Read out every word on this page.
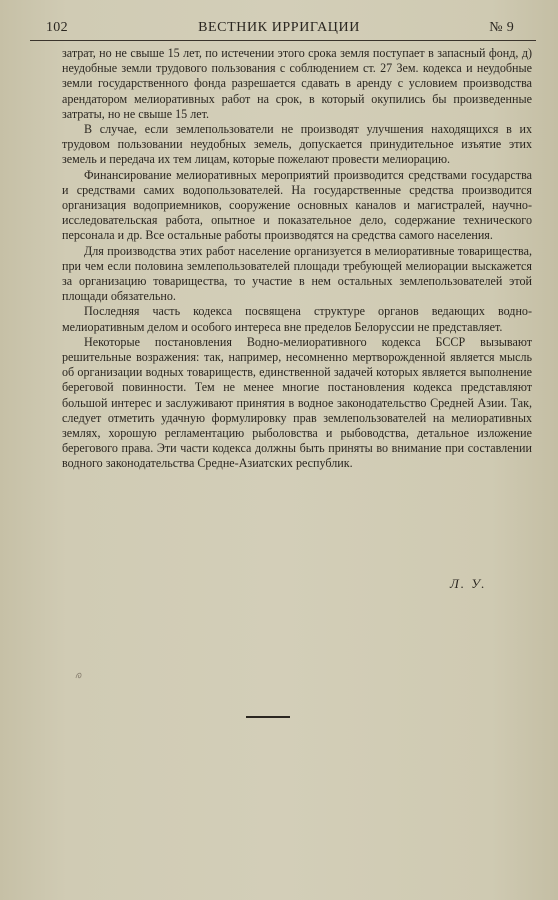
102	ВЕСТНИК ИРРИГАЦИИ	№ 9

затрат, но не свыше 15 лет, по истечении этого срока земля поступает в запасный фонд, д) неудобные земли трудового пользования с соблюдением ст. 27 Зем. кодекса и неудобные земли государственного фонда разрешается сдавать в аренду с условием производства арендатором мелиоративных работ на срок, в который окупились бы произведенные затраты, но не свыше 15 лет.

В случае, если землепользователи не производят улучшения находящихся в их трудовом пользовании неудобных земель, допускается принудительное изъятие этих земель и передача их тем лицам, которые пожелают провести мелиорацию.

Финансирование мелиоративных мероприятий производится средствами государства и средствами самих водопользователей. На государственные средства производится организация водоприемников, сооружение основных каналов и магистралей, научно-исследовательская работа, опытное и показательное дело, содержание технического персонала и др. Все остальные работы производятся на средства самого населения.

Для производства этих работ население организуется в мелиоративные товарищества, при чем если половина землепользователей площади требующей мелиорации выскажется за организацию товарищества, то участие в нем остальных землепользователей этой площади обязательно.

Последняя часть кодекса посвящена структуре органов ведающих водно-мелиоративным делом и особого интереса вне пределов Белоруссии не представляет.

Некоторые постановления Водно-мелиоративного кодекса БССР вызывают решительные возражения: так, например, несомненно мертворожденной является мысль об организации водных товариществ, единственной задачей которых является выполнение береговой повинности. Тем не менее многие постановления кодекса представляют большой интерес и заслуживают принятия в водное законодательство Средней Азии. Так, следует отметить удачную формулировку прав землепользователей на мелиоративных землях, хорошую регламентацию рыболовства и рыбоводства, детальное изложение берегового права. Эти части кодекса должны быть приняты во внимание при составлении водного законодательства Средне-Азиатских республик.

Л. У.
